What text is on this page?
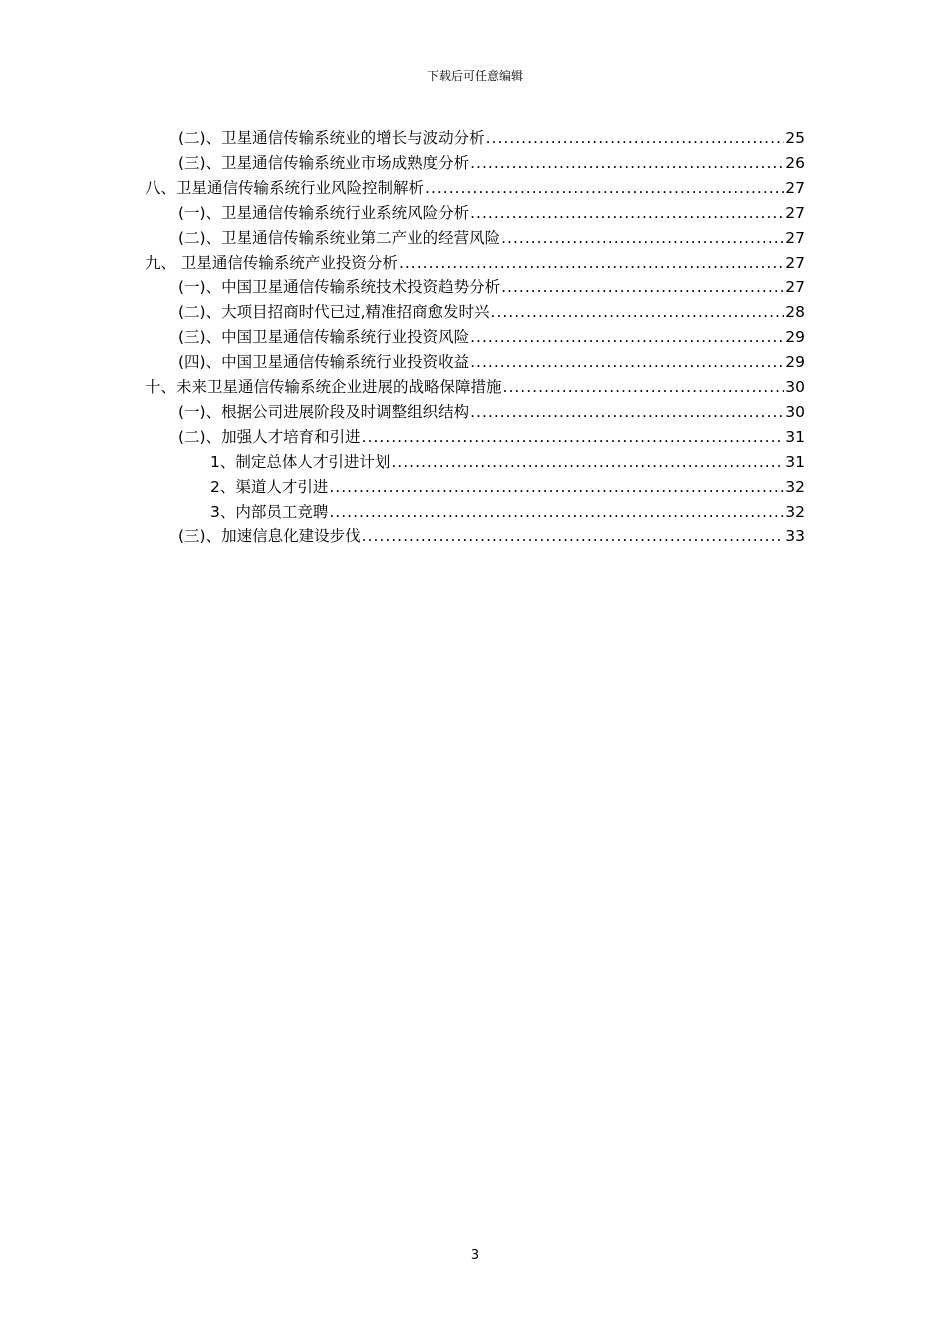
下载后可任意编辑
(二)、卫星通信传输系统业的增长与波动分析 .....	25
(三)、卫星通信传输系统业市场成熟度分析 .....	26
八、卫星通信传输系统行业风险控制解析 .....	27
(一)、卫星通信传输系统行业系统风险分析 .....	27
(二)、卫星通信传输系统业第二产业的经营风险 .....	27
九、 卫星通信传输系统产业投资分析 .....	27
(一)、中国卫星通信传输系统技术投资趋势分析 .....	27
(二)、大项目招商时代已过,精准招商愈发时兴 .....	28
(三)、中国卫星通信传输系统行业投资风险 .....	29
(四)、中国卫星通信传输系统行业投资收益 .....	29
十、未来卫星通信传输系统企业进展的战略保障措施 .....	30
(一)、根据公司进展阶段及时调整组织结构 .....	30
(二)、加强人才培育和引进 .....	31
1、制定总体人才引进计划 .....	31
2、渠道人才引进 .....	32
3、内部员工竞聘 .....	32
(三)、加速信息化建设步伐 .....	33
3
